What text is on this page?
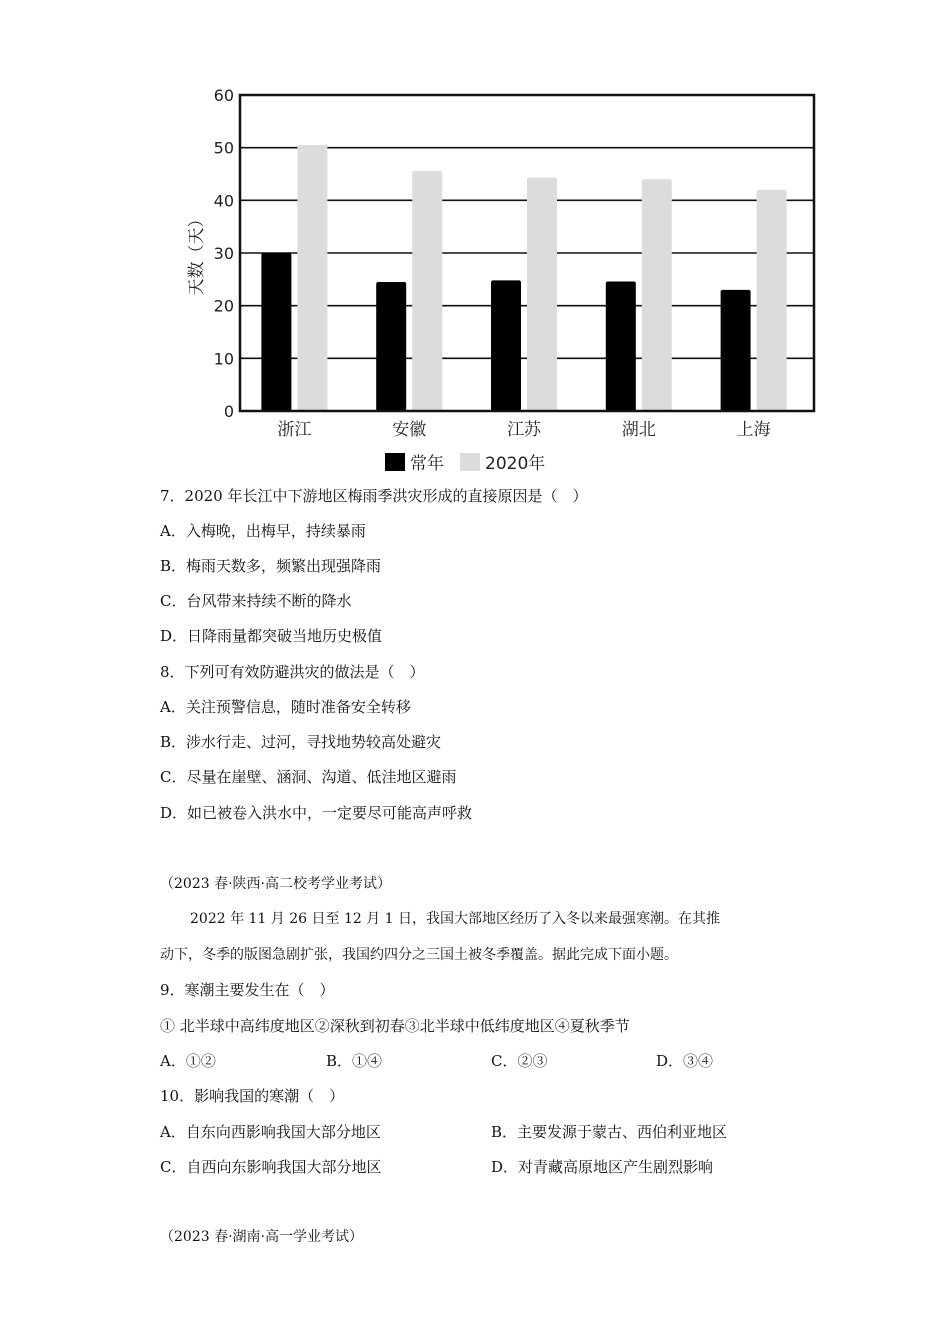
0
10
20
30
40
50
60
浙江	安徽	江苏	湖北	上海
天数（天）
常年 2020年
7．2020 年长江中下游地区梅雨季洪灾形成的直接原因是（　）
A．入梅晚，出梅早，持续暴雨
B．梅雨天数多，频繁出现强降雨
C．台风带来持续不断的降水
D．日降雨量都突破当地历史极值
8．下列可有效防避洪灾的做法是（　）
A．关注预警信息，随时准备安全转移
B．涉水行走、过河，寻找地势较高处避灾
C．尽量在崖壁、涵洞、沟道、低洼地区避雨
D．如已被卷入洪水中，一定要尽可能高声呼救
（2023 春·陕西·高二校考学业考试）
2022 年 11 月 26 日至 12 月 1 日，我国大部地区经历了入冬以来最强寒潮。在其推
动下，冬季的版图急剧扩张，我国约四分之三国土被冬季覆盖。据此完成下面小题。
9．寒潮主要发生在（　）
① 北半球中高纬度地区②深秋到初春③北半球中低纬度地区④夏秋季节
A．①②	B．①④	C．②③	D．③④
10．影响我国的寒潮（　）
A．自东向西影响我国大部分地区	B．主要发源于蒙古、西伯利亚地区
C．自西向东影响我国大部分地区	D．对青藏高原地区产生剧烈影响
（2023 春·湖南·高一学业考试）
